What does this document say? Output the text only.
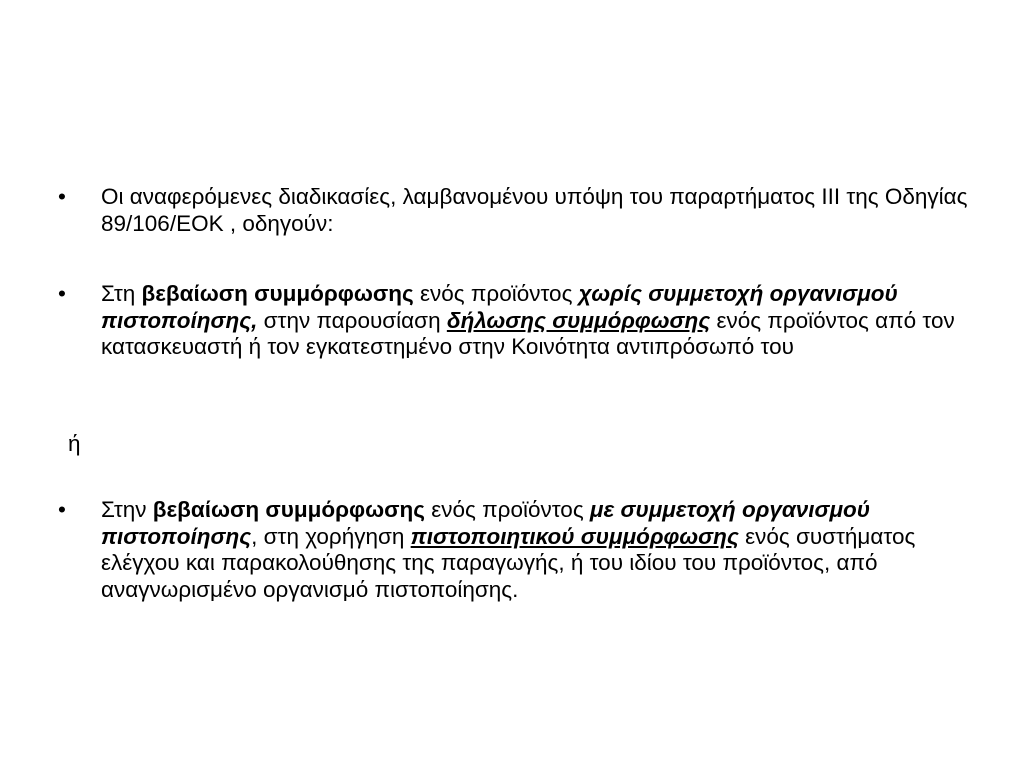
• Οι αναφερόμενες διαδικασίες, λαμβανομένου υπόψη του παραρτήματος ΙΙΙ της Οδηγίας 89/106/ΕΟΚ , οδηγούν:
• Στη βεβαίωση συμμόρφωσης ενός προϊόντος χωρίς συμμετοχή οργανισμού πιστοποίησης, στην παρουσίαση δήλωσης συμμόρφωσης ενός προϊόντος από τον κατασκευαστή ή τον εγκατεστημένο στην Κοινότητα αντιπρόσωπό του
ή
• Στην βεβαίωση συμμόρφωσης ενός προϊόντος με συμμετοχή οργανισμού πιστοποίησης, στη χορήγηση πιστοποιητικού συμμόρφωσης ενός συστήματος ελέγχου και παρακολούθησης της παραγωγής, ή του ιδίου του προϊόντος, από αναγνωρισμένο οργανισμό πιστοποίησης.
